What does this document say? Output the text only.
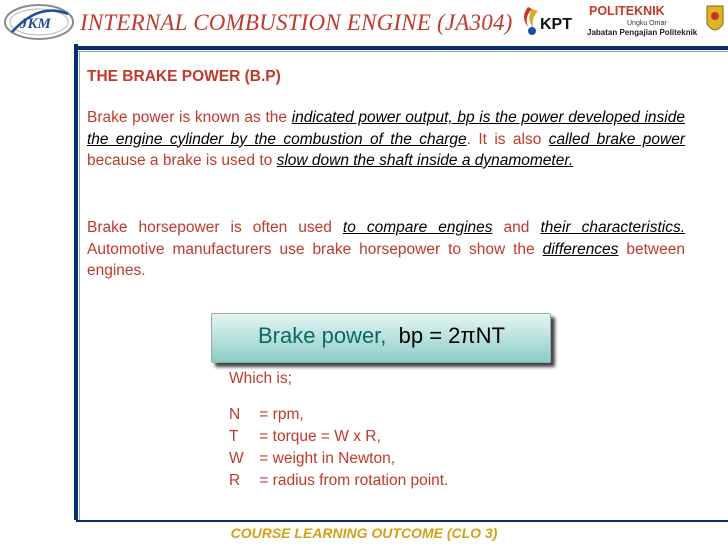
JKM INTERNAL COMBUSTION ENGINE (JA304) KPT
POLITEKNIK
Ungku Omar
Jabatan Pengajian Politeknik
THE BRAKE POWER (B.P)
Brake power is known as the indicated power output, bp is the power developed inside the engine cylinder by the combustion of the charge. It is also called brake power because a brake is used to slow down the shaft inside a dynamometer.
Brake horsepower is often used to compare engines and their characteristics. Automotive manufacturers use brake horsepower to show the differences between engines.
Brake power, bp = 2πNT
Which is;
N = rpm,
T = torque = W x R,
W = weight in Newton,
R = radius from rotation point.
COURSE LEARNING OUTCOME (CLO 3)
